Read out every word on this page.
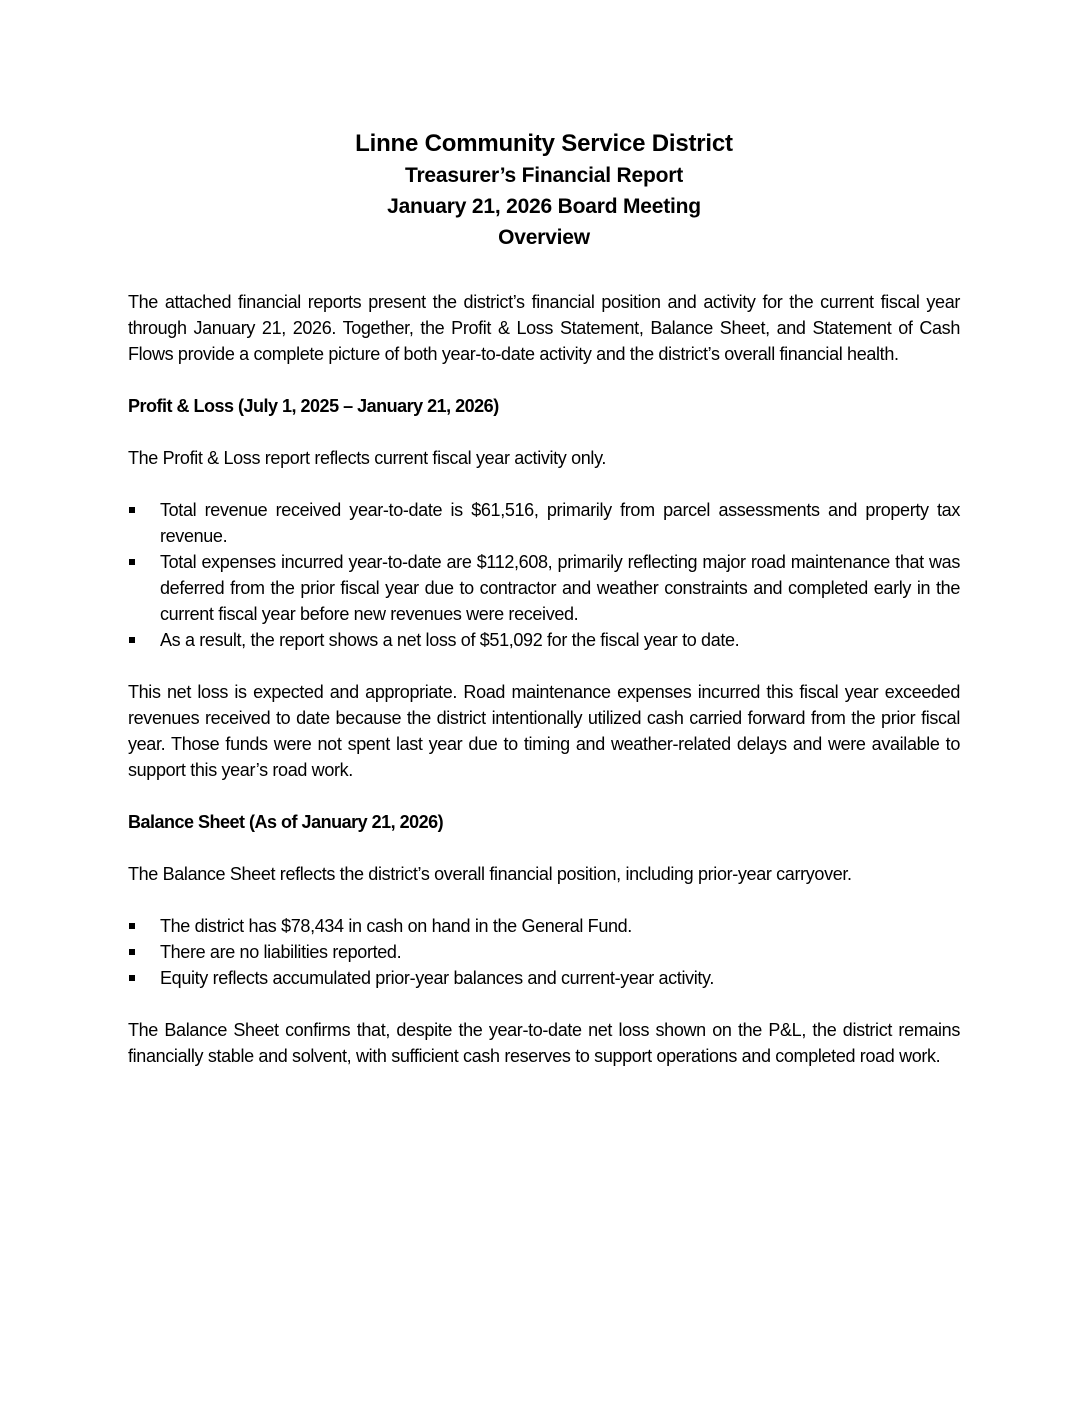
Linne Community Service District
Treasurer’s Financial Report
January 21, 2026 Board Meeting
Overview

The attached financial reports present the district’s financial position and activity for the current fiscal year through January 21, 2026. Together, the Profit & Loss Statement, Balance Sheet, and Statement of Cash Flows provide a complete picture of both year-to-date activity and the district’s overall financial health.

Profit & Loss (July 1, 2025 – January 21, 2026)

The Profit & Loss report reflects current fiscal year activity only.

Total revenue received year-to-date is $61,516, primarily from parcel assessments and property tax revenue.
Total expenses incurred year-to-date are $112,608, primarily reflecting major road maintenance that was deferred from the prior fiscal year due to contractor and weather constraints and completed early in the current fiscal year before new revenues were received.
As a result, the report shows a net loss of $51,092 for the fiscal year to date.

This net loss is expected and appropriate. Road maintenance expenses incurred this fiscal year exceeded revenues received to date because the district intentionally utilized cash carried forward from the prior fiscal year. Those funds were not spent last year due to timing and weather-related delays and were available to support this year’s road work.

Balance Sheet (As of January 21, 2026)

The Balance Sheet reflects the district’s overall financial position, including prior-year carryover.

The district has $78,434 in cash on hand in the General Fund.
There are no liabilities reported.
Equity reflects accumulated prior-year balances and current-year activity.

The Balance Sheet confirms that, despite the year-to-date net loss shown on the P&L, the district remains financially stable and solvent, with sufficient cash reserves to support operations and completed road work.
